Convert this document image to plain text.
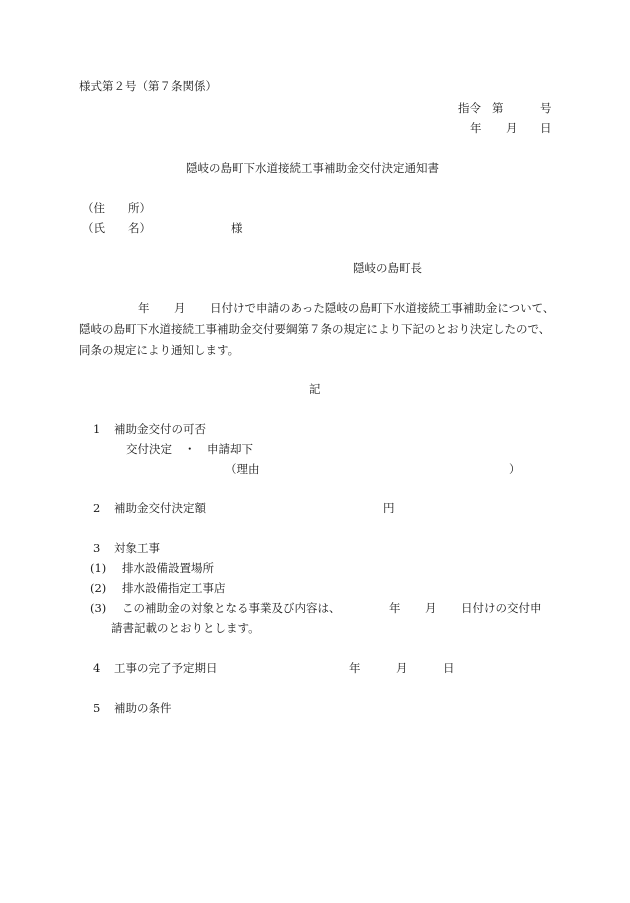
様式第２号（第７条関係）

指令 第	号

年 月 日

隠岐の島町下水道接続工事補助金交付決定通知書

（住　　所）

（氏　　名）	様

隠岐の島町長

年 月 日付けで申請のあった隠岐の島町下水道接続工事補助金について、

隠岐の島町下水道接続工事補助金交付要綱第７条の規定により下記のとおり決定したので、

同条の規定により通知します。

記

1 補助金交付の可否

交付決定 ・ 申請却下

（理由	）

2 補助金交付決定額	円

3 対象工事

(1) 排水設備設置場所

(2) 排水設備指定工事店

(3) この補助金の対象となる事業及び内容は、	年 月 日付けの交付申

請書記載のとおりとします。

4 工事の完了予定期日	年	月	日

5 補助の条件
